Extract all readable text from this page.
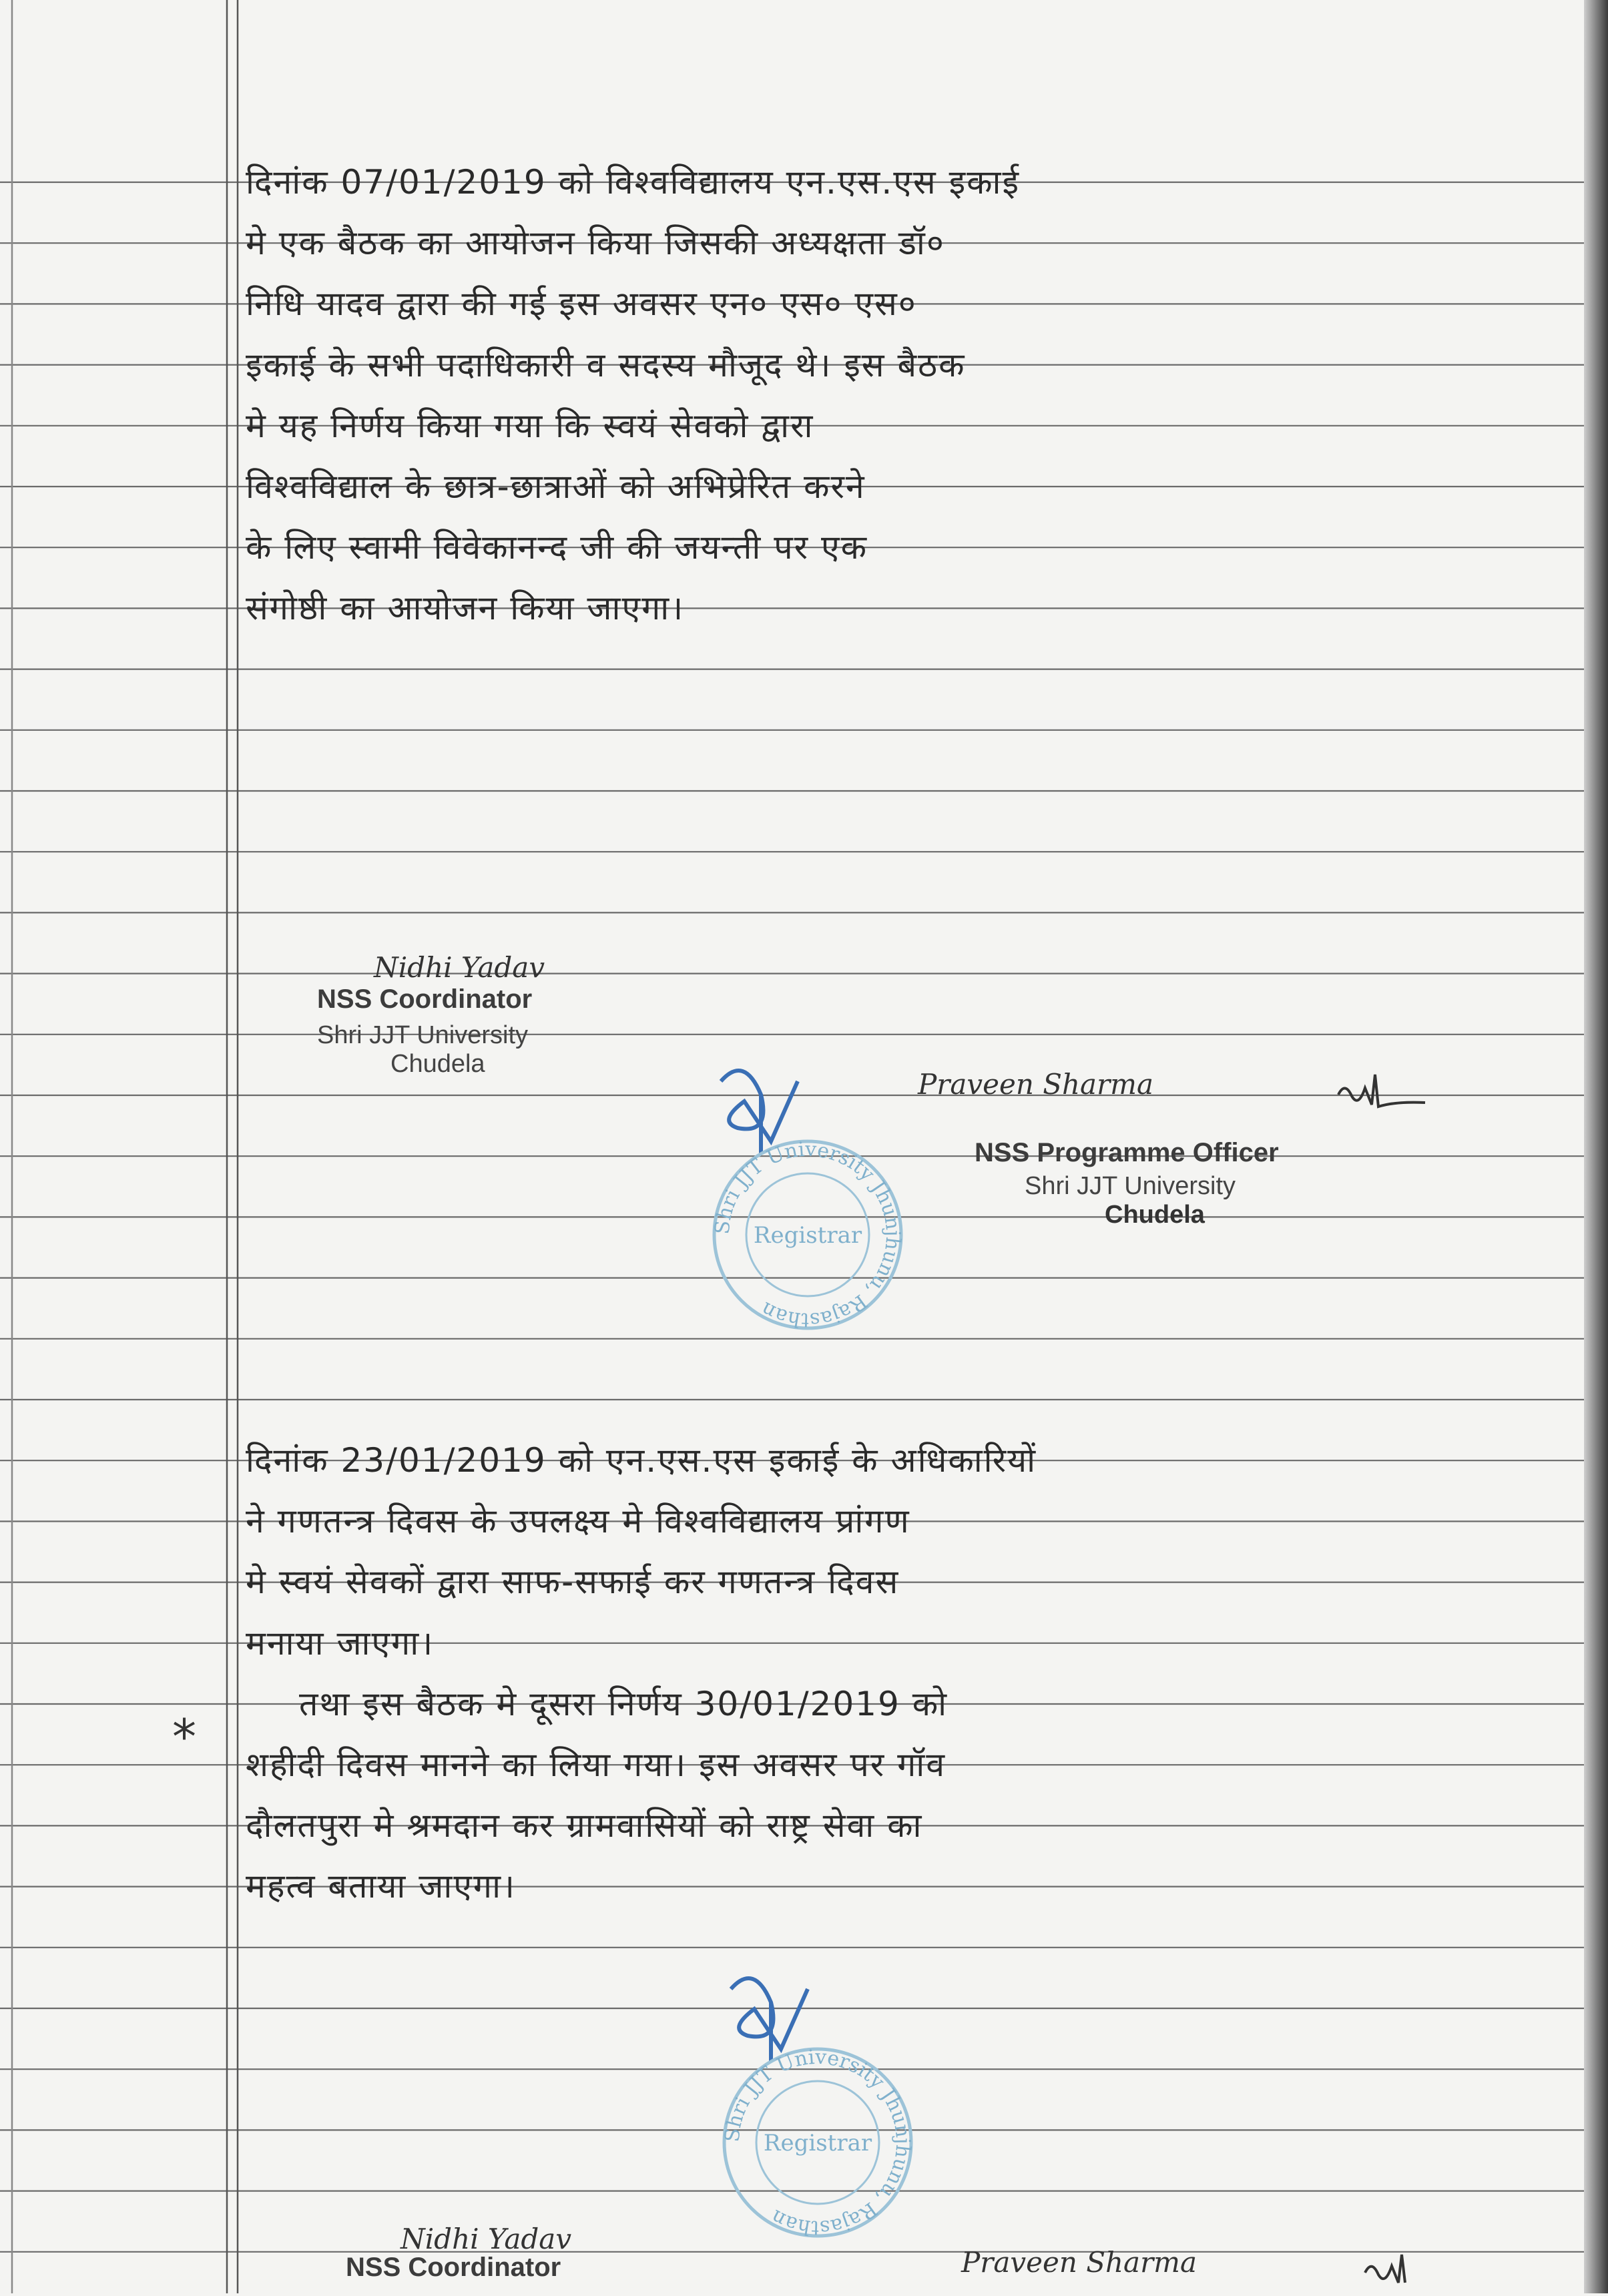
दिनांक 07/01/2019 को विश्वविद्यालय एन.एस.एस इकाई
मे एक बैठक का आयोजन किया जिसकी अध्यक्षता डॉ०
निधि यादव द्वारा की गई इस अवसर एन० एस० एस०
इकाई के सभी पदाधिकारी व सदस्य मौजूद थे। इस बैठक
मे यह निर्णय किया गया कि स्वयं सेवको द्वारा
विश्वविद्याल के छात्र-छात्राओं को अभिप्रेरित करने
के लिए स्वामी विवेकानन्द जी की जयन्ती पर एक
संगोष्ठी का आयोजन किया जाएगा।
दिनांक 23/01/2019 को एन.एस.एस इकाई के अधिकारियों
ने गणतन्त्र दिवस के उपलक्ष्य मे विश्वविद्यालय प्रांगण
मे स्वयं सेवकों द्वारा साफ-सफाई कर गणतन्त्र दिवस
मनाया जाएगा।
तथा इस बैठक मे दूसरा निर्णय 30/01/2019 को
शहीदी दिवस मानने का लिया गया। इस अवसर पर गॉव
दौलतपुरा मे श्रमदान कर ग्रामवासियों को राष्ट्र सेवा का
महत्व बताया जाएगा।
*
Nidhi Yadav
NSS Coordinator
Shri JJT University
Chudela
Praveen Sharma
NSS Programme Officer
Shri JJT University
Chudela
Shri JJT University Jhunjhunu, Rajasthan
Registrar
Shri JJT University Jhunjhunu, Rajasthan
Registrar
Nidhi Yadav
NSS Coordinator	Praveen Sharma
